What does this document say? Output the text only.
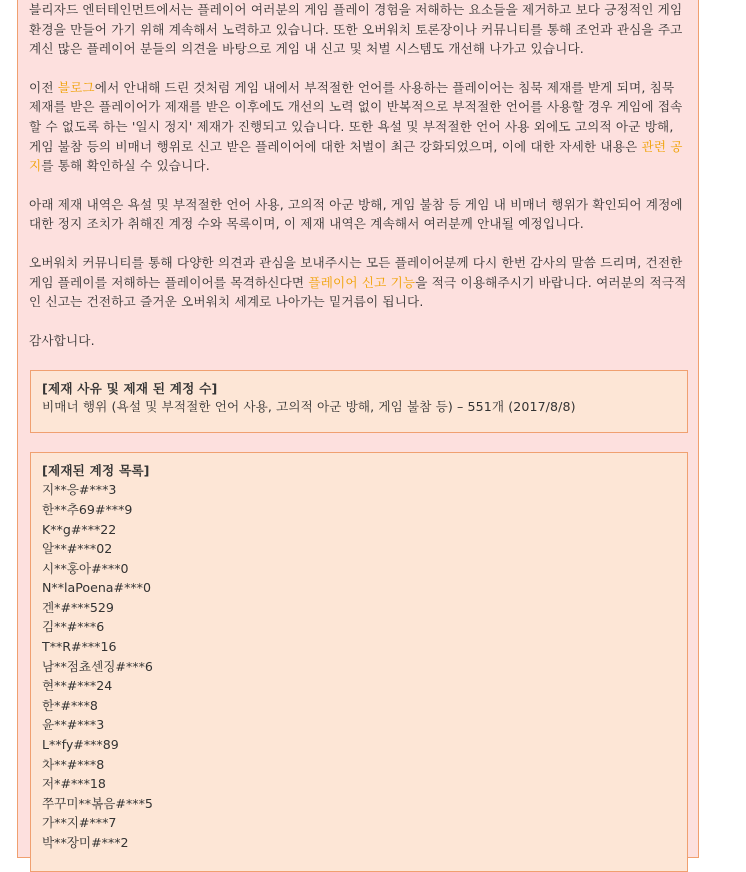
블리자드 엔터테인먼트에서는 플레이어 여러분의 게임 플레이 경험을 저해하는 요소들을 제거하고 보다 긍정적인 게임 환경을 만들어 가기 위해 계속해서 노력하고 있습니다. 또한 오버워치 토론장이나 커뮤니티를 통해 조언과 관심을 주고 계신 많은 플레이어 분들의 의견을 바탕으로 게임 내 신고 및 처벌 시스템도 개선해 나가고 있습니다.

이전 블로그에서 안내해 드린 것처럼 게임 내에서 부적절한 언어를 사용하는 플레이어는 침묵 제재를 받게 되며, 침묵 제재를 받은 플레이어가 제재를 받은 이후에도 개선의 노력 없이 반복적으로 부적절한 언어를 사용할 경우 게임에 접속할 수 없도록 하는 '일시 정지' 제재가 진행되고 있습니다. 또한 욕설 및 부적절한 언어 사용 외에도 고의적 아군 방해, 게임 불참 등의 비매너 행위로 신고 받은 플레이어에 대한 처벌이 최근 강화되었으며, 이에 대한 자세한 내용은 관련 공지를 통해 확인하실 수 있습니다.

아래 제재 내역은 욕설 및 부적절한 언어 사용, 고의적 아군 방해, 게임 불참 등 게임 내 비매너 행위가 확인되어 계정에 대한 정지 조치가 취해진 계정 수와 목록이며, 이 제재 내역은 계속해서 여러분께 안내될 예정입니다.

오버워치 커뮤니티를 통해 다양한 의견과 관심을 보내주시는 모든 플레이어분께 다시 한번 감사의 말씀 드리며, 건전한 게임 플레이를 저해하는 플레이어를 목격하신다면 플레이어 신고 기능을 적극 이용해주시기 바랍니다. 여러분의 적극적인 신고는 건전하고 즐거운 오버워치 세계로 나아가는 밑거름이 됩니다.

감사합니다.

[제재 사유 및 제재 된 계정 수]
비매너 행위 (욕설 및 부적절한 언어 사용, 고의적 아군 방해, 게임 불참 등) – 551개 (2017/8/8)
[제재된 계정 목록]
지**응#***3
한**추69#***9
K**g#***22
알**#***02
시**홍아#***0
N**laPoena#***0
겐*#***529
김**#***6
T**R#***16
남**점쵸센징#***6
현**#***24
한*#***8
윤**#***3
L**fy#***89
차**#***8
저*#***18
쭈꾸미**볶음#***5
가**지#***7
박**장미#***2
